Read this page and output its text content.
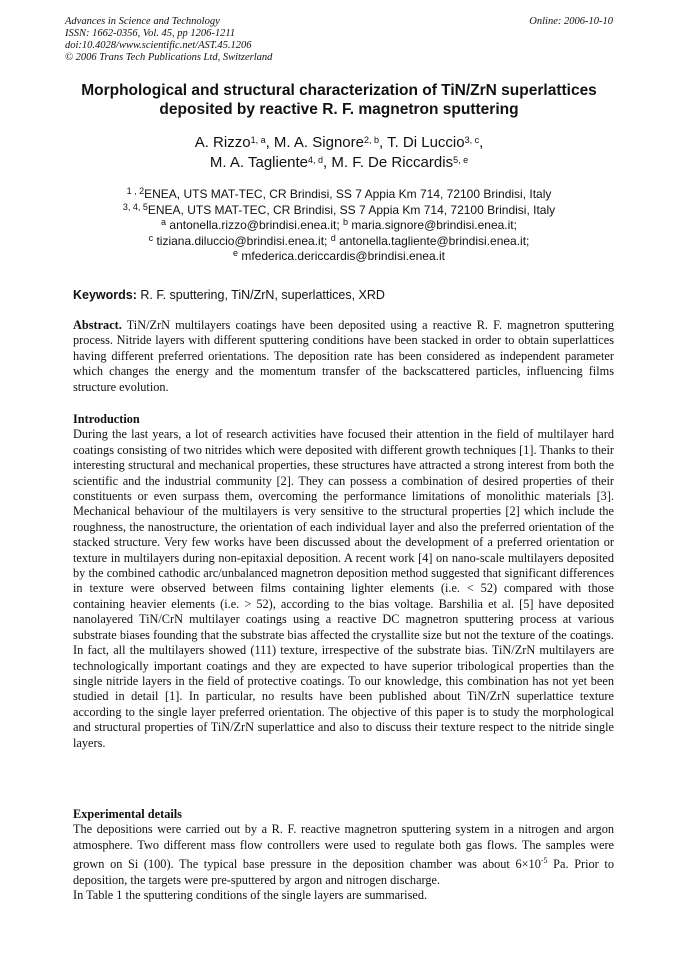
Advances in Science and Technology
ISSN: 1662-0356, Vol. 45, pp 1206-1211
doi:10.4028/www.scientific.net/AST.45.1206
© 2006 Trans Tech Publications Ltd, Switzerland
Online: 2006-10-10
Morphological and structural characterization of TiN/ZrN superlattices
deposited by reactive R. F. magnetron sputtering
A. Rizzo$^{1, a}$, M. A. Signore$^{2, b}$, T. Di Luccio$^{3, c}$,
M. A. Tagliente$^{4, d}$, M. F. De Riccardis$^{5, e}$
$^{1 , 2}$ENEA, UTS MAT-TEC, CR Brindisi, SS 7 Appia Km 714, 72100 Brindisi, Italy
$^{3, 4, 5}$ENEA, UTS MAT-TEC, CR Brindisi, SS 7 Appia Km 714, 72100 Brindisi, Italy
$^a$ antonella.rizzo@brindisi.enea.it; $^b$ maria.signore@brindisi.enea.it;
$^c$ tiziana.diluccio@brindisi.enea.it; $^d$ antonella.tagliente@brindisi.enea.it;
$^e$ mfederica.dericcardis@brindisi.enea.it
Keywords: R. F. sputtering, TiN/ZrN, superlattices, XRD
Abstract. TiN/ZrN multilayers coatings have been deposited using a reactive R. F. magnetron sputtering process. Nitride layers with different sputtering conditions have been stacked in order to obtain superlattices having different preferred orientations. The deposition rate has been considered as independent parameter which changes the energy and the momentum transfer of the backscattered particles, influencing films structure evolution.
Introduction
During the last years, a lot of research activities have focused their attention in the field of multilayer hard coatings consisting of two nitrides which were deposited with different growth techniques [1]. Thanks to their interesting structural and mechanical properties, these structures have attracted a strong interest from both the scientific and the industrial community [2]. They can possess a combination of desired properties of their constituents or even surpass them, overcoming the performance limitations of monolithic materials [3]. Mechanical behaviour of the multilayers is very sensitive to the structural properties [2] which include the roughness, the nanostructure, the orientation of each individual layer and also the preferred orientation of the stacked structure. Very few works have been discussed about the development of a preferred orientation or texture in multilayers during non-epitaxial deposition. A recent work [4] on nano-scale multilayers deposited by the combined cathodic arc/unbalanced magnetron deposition method suggested that significant differences in texture were observed between films containing lighter elements (i.e. < 52) compared with those containing heavier elements (i.e. > 52), according to the bias voltage. Barshilia et al. [5] have deposited nanolayered TiN/CrN multilayer coatings using a reactive DC magnetron sputtering process at various substrate biases founding that the substrate bias affected the crystallite size but not the texture of the coatings. In fact, all the multilayers showed (111) texture, irrespective of the substrate bias. TiN/ZrN multilayers are technologically important coatings and they are expected to have superior tribological properties than the single nitride layers in the field of protective coatings. To our knowledge, this combination has not yet been studied in detail [1]. In particular, no results have been published about TiN/ZrN superlattice texture according to the single layer preferred orientation. The objective of this paper is to study the morphological and structural properties of TiN/ZrN superlattice and also to discuss their texture respect to the nitride single layers.
Experimental details
The depositions were carried out by a R. F. reactive magnetron sputtering system in a nitrogen and argon atmosphere. Two different mass flow controllers were used to regulate both gas flows. The samples were grown on Si (100). The typical base pressure in the deposition chamber was about $6\times 10^{-5}$ Pa. Prior to deposition, the targets were pre-sputtered by argon and nitrogen discharge.
In Table 1 the sputtering conditions of the single layers are summarised.
